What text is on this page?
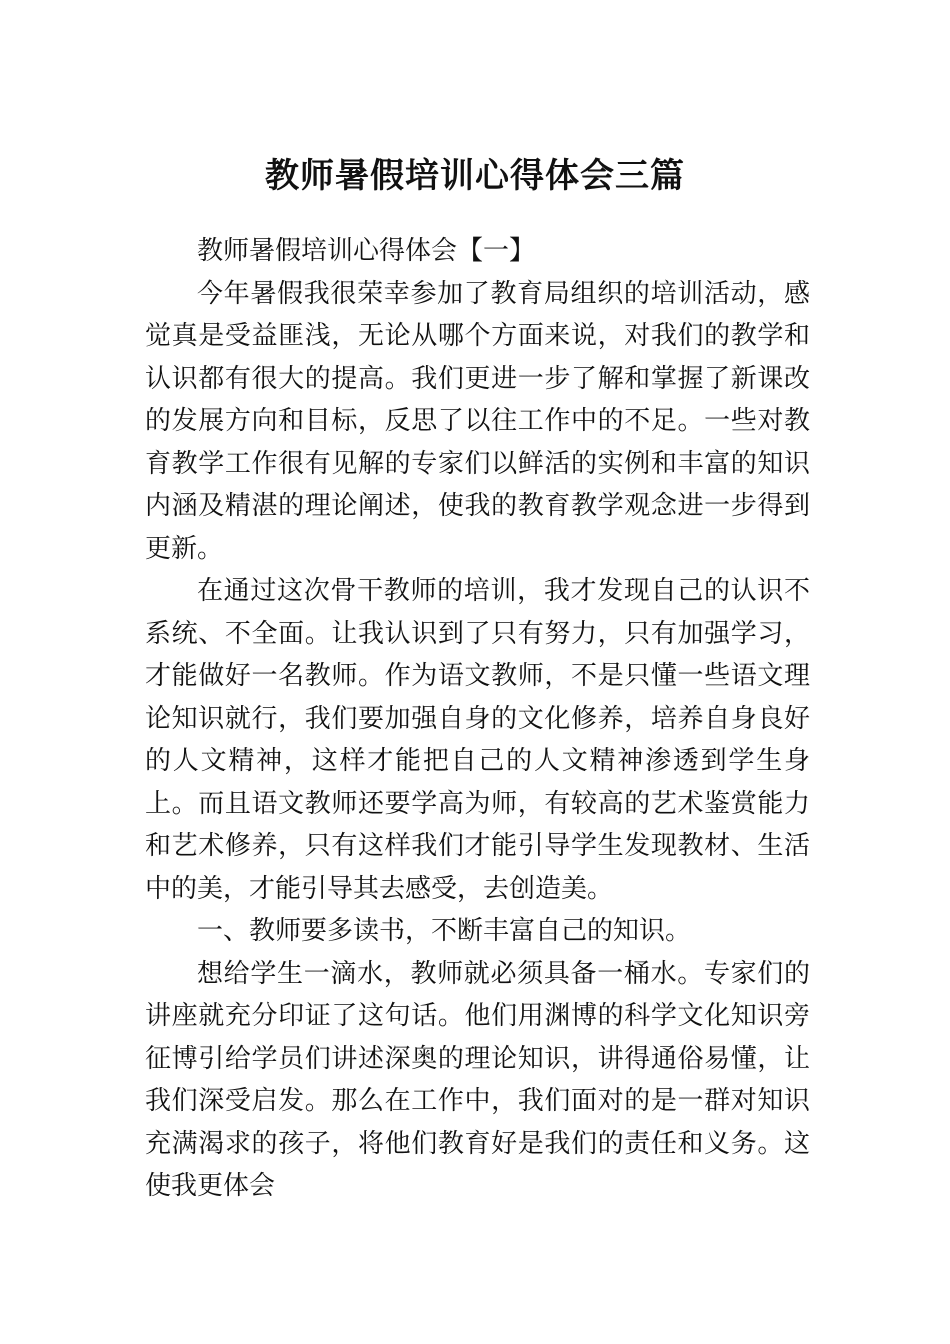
教师暑假培训心得体会三篇

教师暑假培训心得体会【一】

今年暑假我很荣幸参加了教育局组织的培训活动，感觉真是受益匪浅，无论从哪个方面来说，对我们的教学和认识都有很大的提高。我们更进一步了解和掌握了新课改的发展方向和目标，反思了以往工作中的不足。一些对教育教学工作很有见解的专家们以鲜活的实例和丰富的知识内涵及精湛的理论阐述，使我的教育教学观念进一步得到更新。

在通过这次骨干教师的培训，我才发现自己的认识不系统、不全面。让我认识到了只有努力，只有加强学习，才能做好一名教师。作为语文教师，不是只懂一些语文理论知识就行，我们要加强自身的文化修养，培养自身良好的人文精神，这样才能把自己的人文精神渗透到学生身上。而且语文教师还要学高为师，有较高的艺术鉴赏能力和艺术修养，只有这样我们才能引导学生发现教材、生活中的美，才能引导其去感受，去创造美。

一、教师要多读书，不断丰富自己的知识。

想给学生一滴水，教师就必须具备一桶水。专家们的讲座就充分印证了这句话。他们用渊博的科学文化知识旁征博引给学员们讲述深奥的理论知识，讲得通俗易懂，让我们深受启发。那么在工作中，我们面对的是一群对知识充满渴求的孩子，将他们教育好是我们的责任和义务。这使我更体会
